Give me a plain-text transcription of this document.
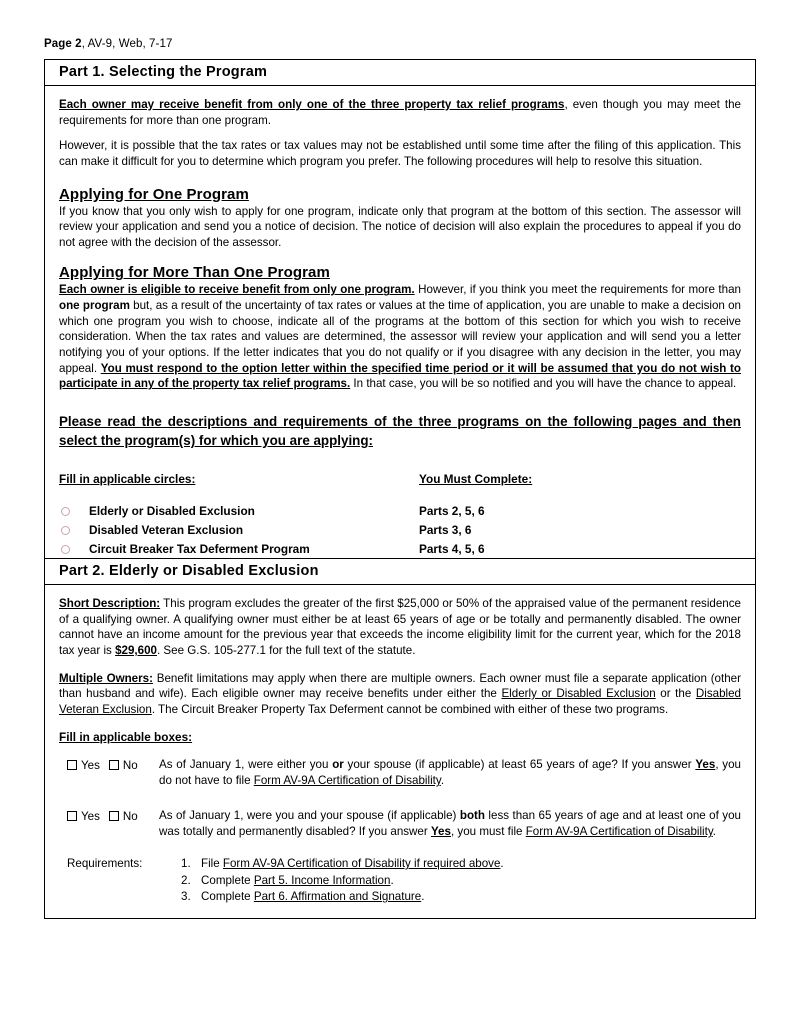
Page 2, AV-9, Web, 7-17
Part 1. Selecting the Program

Each owner may receive benefit from only one of the three property tax relief programs, even though you may meet the requirements for more than one program.

However, it is possible that the tax rates or tax values may not be established until some time after the filing of this application. This can make it difficult for you to determine which program you prefer. The following procedures will help to resolve this situation.

Applying for One Program

If you know that you only wish to apply for one program, indicate only that program at the bottom of this section. The assessor will review your application and send you a notice of decision. The notice of decision will also explain the procedures to appeal if you do not agree with the decision of the assessor.

Applying for More Than One Program

Each owner is eligible to receive benefit from only one program. However, if you think you meet the requirements for more than one program but, as a result of the uncertainty of tax rates or values at the time of application, you are unable to make a decision on which one program you wish to choose, indicate all of the programs at the bottom of this section for which you wish to receive consideration. When the tax rates and values are determined, the assessor will review your application and will send you a letter notifying you of your options. If the letter indicates that you do not qualify or if you disagree with any decision in the letter, you may appeal. You must respond to the option letter within the specified time period or it will be assumed that you do not wish to participate in any of the property tax relief programs. In that case, you will be so notified and you will have the chance to appeal.

Please read the descriptions and requirements of the three programs on the following pages and then select the program(s) for which you are applying:

Fill in applicable circles:	You Must Complete:
Elderly or Disabled Exclusion	Parts 2, 5, 6
Disabled Veteran Exclusion	Parts 3, 6
Circuit Breaker Tax Deferment Program	Parts 4, 5, 6
Part 2. Elderly or Disabled Exclusion

Short Description: This program excludes the greater of the first $25,000 or 50% of the appraised value of the permanent residence of a qualifying owner. A qualifying owner must either be at least 65 years of age or be totally and permanently disabled. The owner cannot have an income amount for the previous year that exceeds the income eligibility limit for the current year, which for the 2018 tax year is $29,600. See G.S. 105-277.1 for the full text of the statute.

Multiple Owners: Benefit limitations may apply when there are multiple owners. Each owner must file a separate application (other than husband and wife). Each eligible owner may receive benefits under either the Elderly or Disabled Exclusion or the Disabled Veteran Exclusion. The Circuit Breaker Property Tax Deferment cannot be combined with either of these two programs.

Fill in applicable boxes:
Yes No As of January 1, were either you or your spouse (if applicable) at least 65 years of age? If you answer Yes, you do not have to file Form AV-9A Certification of Disability.
Yes No As of January 1, were you and your spouse (if applicable) both less than 65 years of age and at least one of you was totally and permanently disabled? If you answer Yes, you must file Form AV-9A Certification of Disability.
Requirements:	1. File Form AV-9A Certification of Disability if required above.
2. Complete Part 5. Income Information.
3. Complete Part 6. Affirmation and Signature.
